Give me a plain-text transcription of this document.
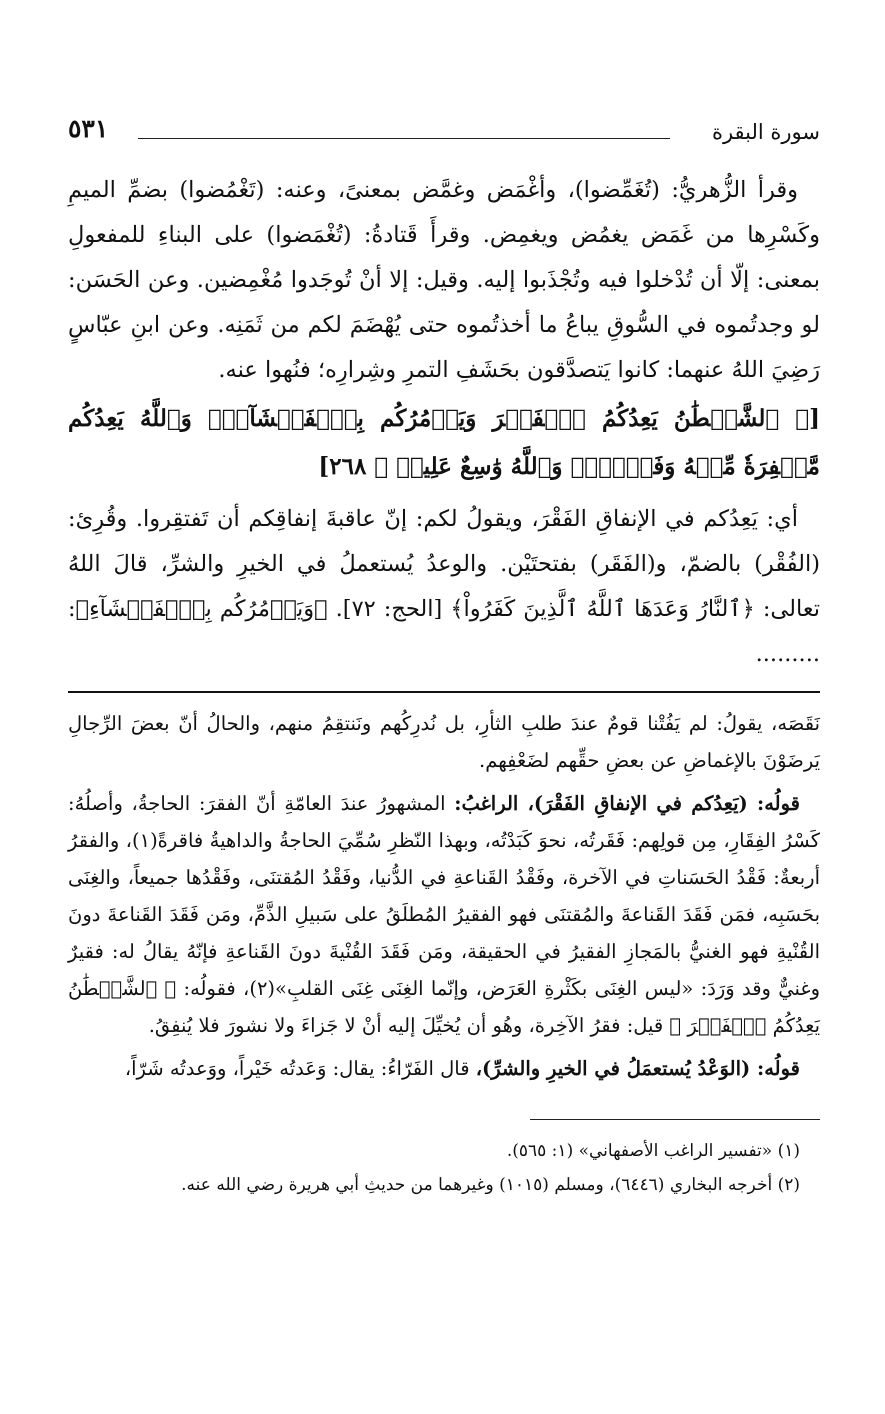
سورة البقرة
٥٣١

وقرأ الزُّهريُّ: (تُغَمِّضوا)، وأغْمَض وغمَّض بمعنىً، وعنه: (تَغْمُضوا) بضمِّ الميمِ وكَسْرِها من غَمَض يغمُض ويغمِض. وقرأَ قَتادةُ: (تُغْمَضوا) على البناءِ للمفعولِ بمعنى: إلّا أن تُدْخلوا فيه وتُجْذَبوا إليه. وقيل: إلا أنْ تُوجَدوا مُغْمِضين. وعن الحَسَن: لو وجدتُموه في السُّوقِ يباعُ ما أخذتُموه حتى يُهْضَمَ لكم من ثَمَنِه. وعن ابنِ عبّاسٍ رَضِيَ اللهُ عنهما: كانوا يَتصدَّقون بحَشَفِ التمرِ وشِرارِه؛ فنُهوا عنه.

[﴿ ٱلشَّيۡطَٰنُ يَعِدُكُمُ ٱلۡفَقۡرَ وَيَأۡمُرُكُم بِٱلۡفَحۡشَآءِۖ وَٱللَّهُ يَعِدُكُم مَّغۡفِرَةٗ مِّنۡهُ وَفَضۡلٗاۗ وَٱللَّهُ وَٰسِعٌ عَلِيمٞ ﴾ ٢٦٨]

أي: يَعِدُكم في الإنفاقِ الفَقْرَ، ويقولُ لكم: إنّ عاقبةَ إنفاقِكم أن تَفتقِروا. وقُرِئ: (الفُقْر) بالضمّ، و(الفَقَر) بفتحتَيْن. والوعدُ يُستعملُ في الخيرِ والشرِّ، قالَ اللهُ تعالى: ﴿ٱلنَّارُ وَعَدَهَا ٱللَّهُ ٱلَّذِينَ كَفَرُواْ﴾ [الحج: ٧٢]. ﴿وَيَأۡمُرُكُم بِٱلۡفَحۡشَآءِ﴾: .........

نَقَصَه، يقولُ: لم يَفُتْنا قومٌ عندَ طلبِ الثأرِ، بل نُدرِكُهم ونَنتقِمُ منهم، والحالُ أنّ بعضَ الرِّجالِ يَرضَوْنَ بالإغماضِ عن بعضِ حقِّهم لضَعْفِهم.

قولُه: (يَعِدُكم في الإنفاقِ الفَقْرَ)، الراغبُ: المشهورُ عندَ العامّةِ أنّ الفقرَ: الحاجةُ، وأصلُهُ: كَسْرُ الفِقَارِ، مِن قولِهم: فَقَرتُه، نحوَ كَبَدْتُه، وبهذا النّظرِ سُمِّيَ الحاجةُ والداهيةُ فاقرةً(١)، والفقرُ أربعةٌ: فَقْدُ الحَسَناتِ في الآخرة، وفَقْدُ القَناعةِ في الدُّنيا، وفَقْدُ المُقتنَى، وفَقْدُها جميعاً، والغِنَى بحَسَبِه، فمَن فَقَدَ القَناعةَ والمُقتنَى فهو الفقيرُ المُطلَقُ على سَبيلِ الذَّمِّ، ومَن فَقَدَ القَناعةَ دونَ القُنْيةِ فهو الغنيُّ بالمَجازِ الفقيرُ في الحقيقة، ومَن فَقَدَ القُنْيةَ دونَ القَناعةِ فإنّهُ يقالُ له: فقيرٌ وغنيٌّ وقد وَرَدَ: «ليس الغِنَى بكَثْرةِ العَرَض، وإنّما الغِنَى غِنَى القلبِ»(٢)، فقولُه: ﴿ ٱلشَّيۡطَٰنُ يَعِدُكُمُ ٱلۡفَقۡرَ ﴾ قيل: فقرُ الآخِرة، وهُو أن يُخيِّلَ إليه أنْ لا جَزاءَ ولا نشورَ فلا يُنفِقُ.

قولُه: (الوَعْدُ يُستعمَلُ في الخيرِ والشرِّ)، قال الفَرّاءُ: يقال: وَعَدتُه خَيْراً، ووَعدتُه شَرّاً،

(١) «تفسير الراغب الأصفهاني» (١: ٥٦٥).

(٢) أخرجه البخاري (٦٤٤٦)، ومسلم (١٠١٥) وغيرهما من حديثِ أبي هريرة رضي الله عنه.
